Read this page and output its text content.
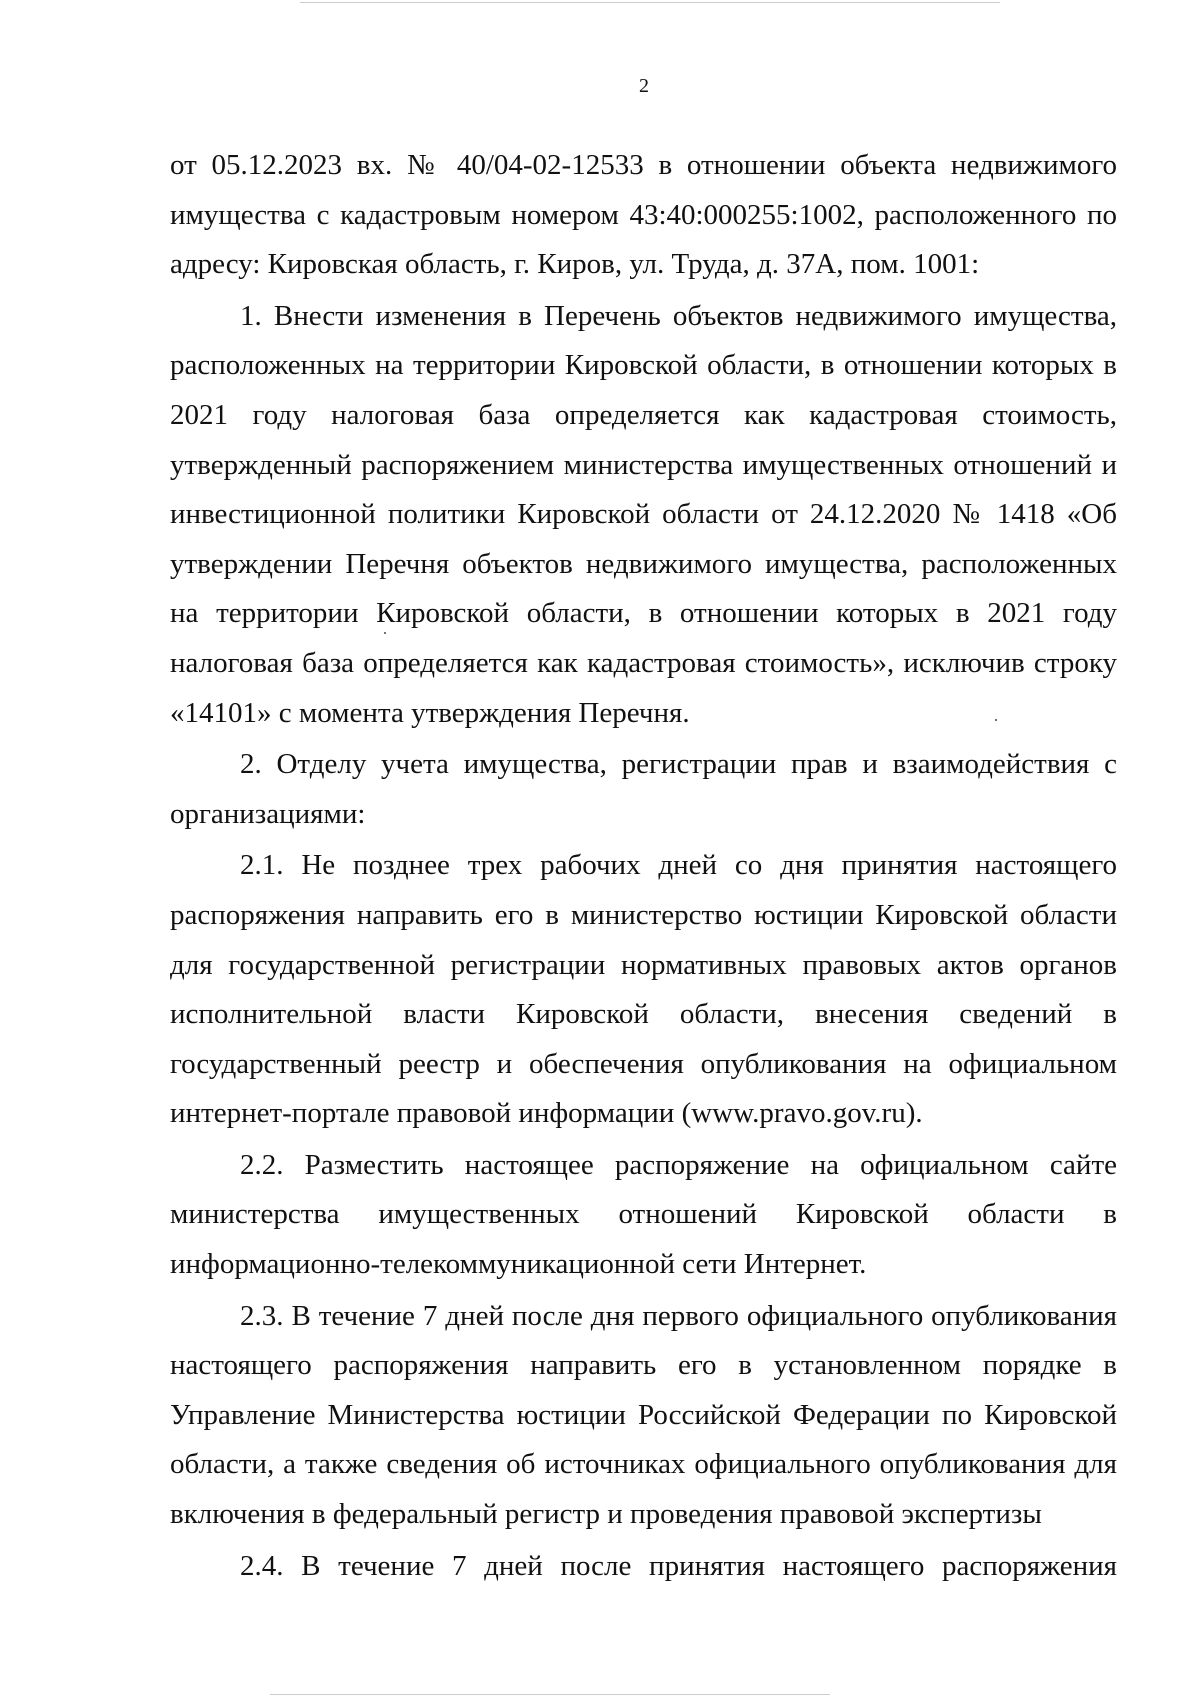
2

от 05.12.2023 вх. № 40/04-02-12533 в отношении объекта недвижимого имущества с кадастровым номером 43:40:000255:1002, расположенного по адресу: Кировская область, г. Киров, ул. Труда, д. 37А, пом. 1001:

1. Внести изменения в Перечень объектов недвижимого имущества, расположенных на территории Кировской области, в отношении которых в 2021 году налоговая база определяется как кадастровая стоимость, утвержденный распоряжением министерства имущественных отношений и инвестиционной политики Кировской области от 24.12.2020 № 1418 «Об утверждении Перечня объектов недвижимого имущества, расположенных на территории Кировской области, в отношении которых в 2021 году налоговая база определяется как кадастровая стоимость», исключив строку «14101» с момента утверждения Перечня.

2. Отделу учета имущества, регистрации прав и взаимодействия с организациями:

2.1. Не позднее трех рабочих дней со дня принятия настоящего распоряжения направить его в министерство юстиции Кировской области для государственной регистрации нормативных правовых актов органов исполнительной власти Кировской области, внесения сведений в государственный реестр и обеспечения опубликования на официальном интернет-портале правовой информации (www.pravo.gov.ru).

2.2. Разместить настоящее распоряжение на официальном сайте министерства имущественных отношений Кировской области в информационно-телекоммуникационной сети Интернет.

2.3. В течение 7 дней после дня первого официального опубликования настоящего распоряжения направить его в установленном порядке в Управление Министерства юстиции Российской Федерации по Кировской области, а также сведения об источниках официального опубликования для включения в федеральный регистр и проведения правовой экспертизы

2.4. В течение 7 дней после принятия настоящего распоряжения
